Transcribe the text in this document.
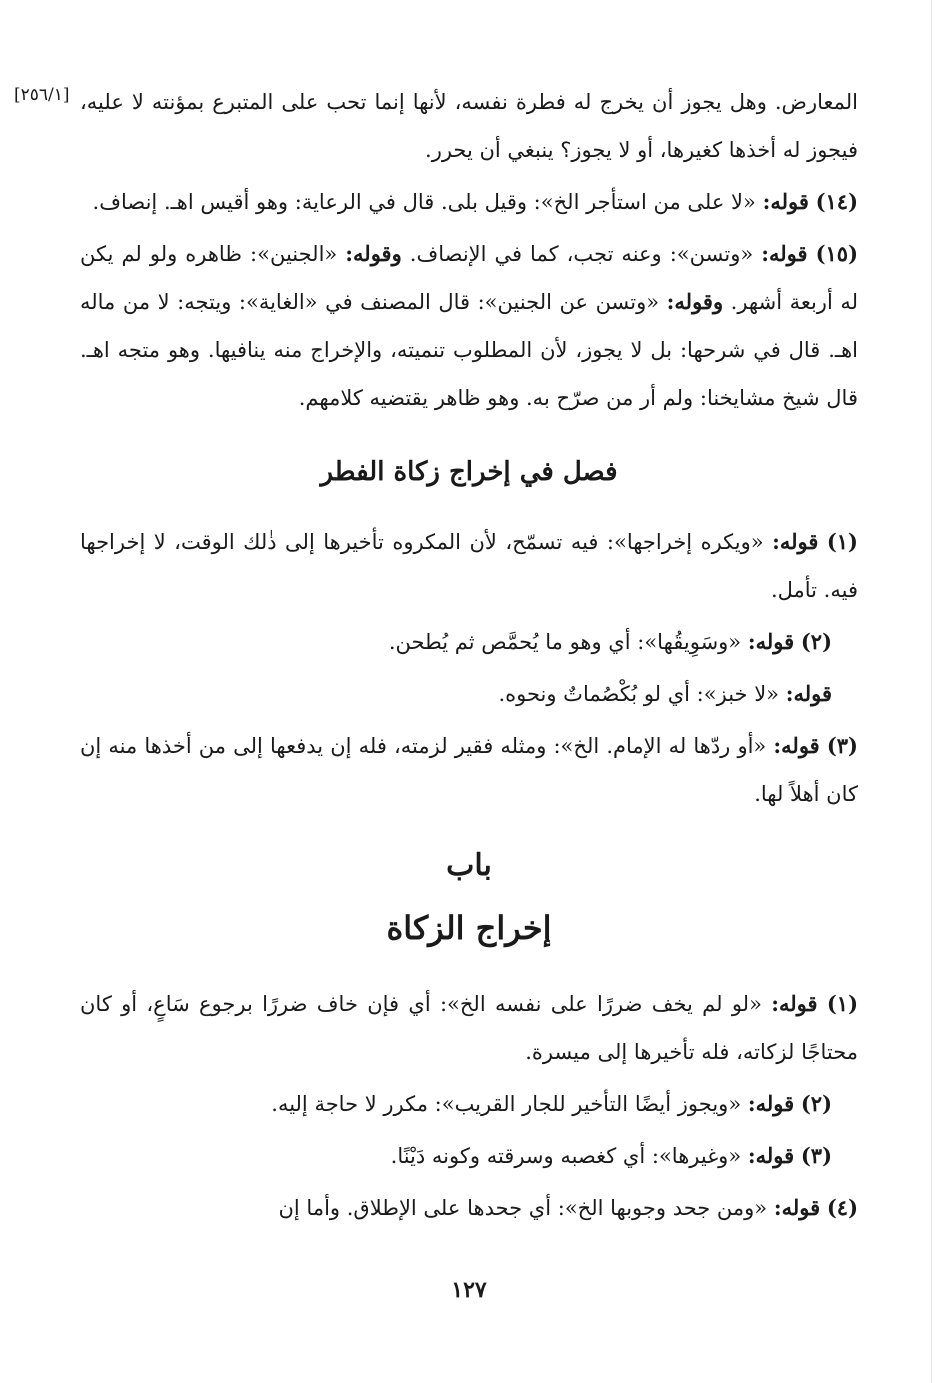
[٢٥٦/١] المعارض. وهل يجوز أن يخرج له فطرة نفسه، لأنها إنما تحب على المتبرع بمؤنته لا عليه، فيجوز له أخذها كغيرها، أو لا يجوز؟ ينبغي أن يحرر.

(١٤) قوله: «لا على من استأجر الخ»: وقيل بلى. قال في الرعاية: وهو أقيس اهـ. إنصاف.

(١٥) قوله: «وتسن»: وعنه تجب، كما في الإنصاف. وقوله: «الجنين»: ظاهره ولو لم يكن له أربعة أشهر. وقوله: «وتسن عن الجنين»: قال المصنف في «الغاية»: ويتجه: لا من ماله اهـ. قال في شرحها: بل لا يجوز، لأن المطلوب تنميته، والإخراج منه ينافيها. وهو متجه اهـ. قال شيخ مشايخنا: ولم أر من صرّح به. وهو ظاهر يقتضيه كلامهم.

فصل في إخراج زكاة الفطر

(١) قوله: «ويكره إخراجها»: فيه تسمّح، لأن المكروه تأخيرها إلى ذٰلك الوقت، لا إخراجها فيه. تأمل.

(٢) قوله: «وسَوِيقُها»: أي وهو ما يُحمَّص ثم يُطحن.

قوله: «لا خبز»: أي لو بُكْصُماتٌ ونحوه.

(٣) قوله: «أو ردّها له الإمام. الخ»: ومثله فقير لزمته، فله إن يدفعها إلى من أخذها منه إن كان أهلاً لها.

باب
إخراج الزكاة

(١) قوله: «لو لم يخف ضررًا على نفسه الخ»: أي فإن خاف ضررًا برجوع سَاعٍ، أو كان محتاجًا لزكاته، فله تأخيرها إلى ميسرة.

(٢) قوله: «ويجوز أيضًا التأخير للجار القريب»: مكرر لا حاجة إليه.

(٣) قوله: «وغيرها»: أي كغصبه وسرقته وكونه دَيْنًا.

(٤) قوله: «ومن جحد وجوبها الخ»: أي جحدها على الإطلاق. وأما إن

١٢٧
